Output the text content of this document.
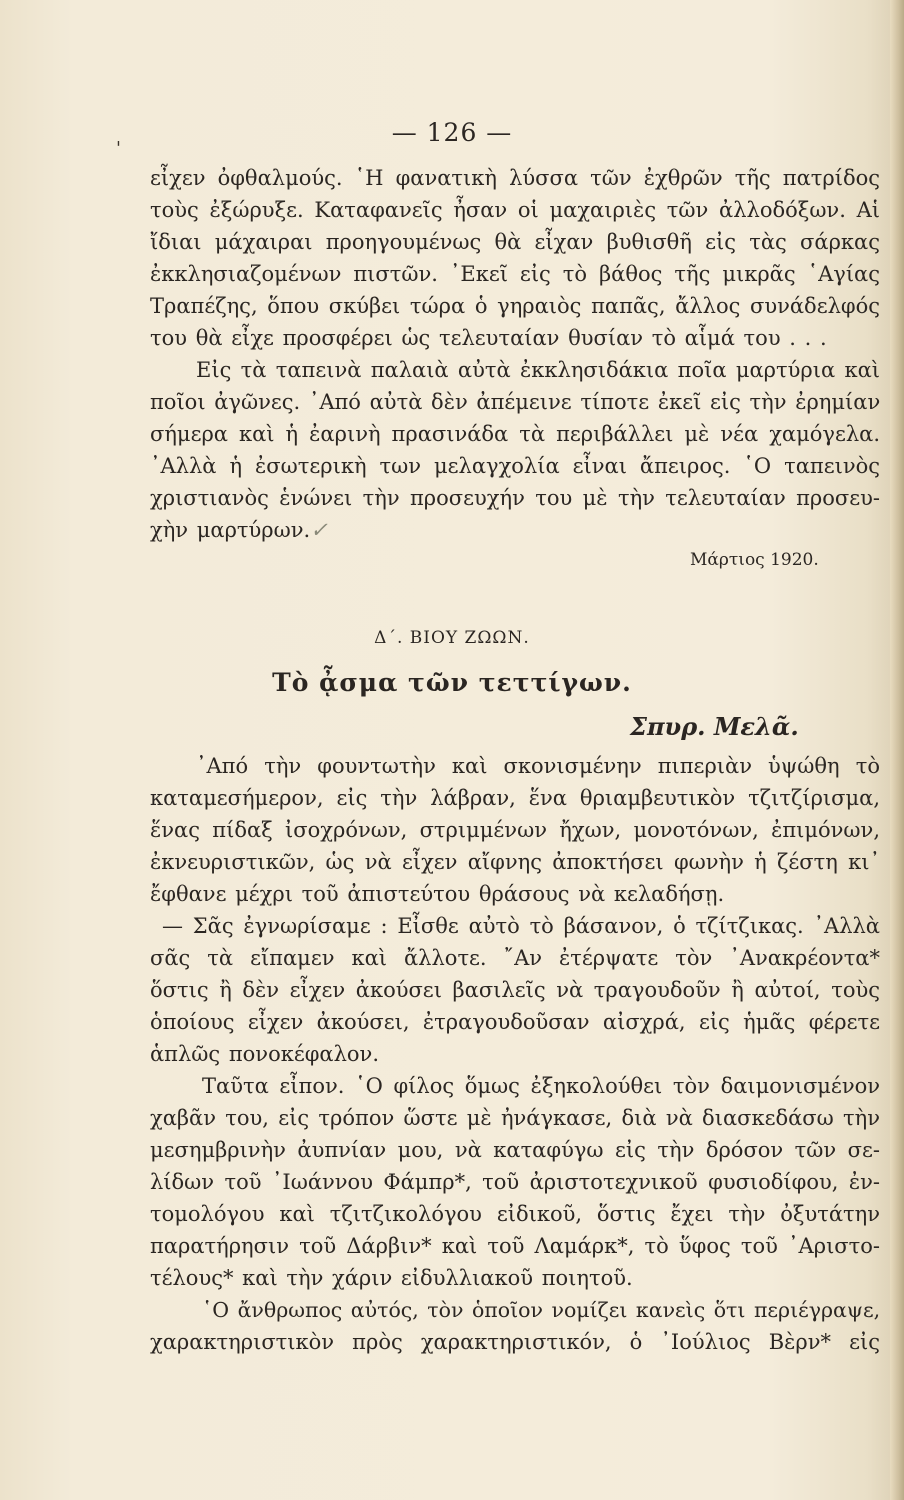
'
— 126 —
εἶχεν ὀφθαλμούς. ῾Η φανατικὴ λύσσα τῶν ἐχθρῶν τῆς πατρίδος
τοὺς ἐξώρυξε. Καταφανεῖς ἦσαν οἱ μαχαιριὲς τῶν ἀλλοδόξων. Αἱ
ἴδιαι μάχαιραι προηγουμένως θὰ εἶχαν βυθισθῆ εἰς τὰς σάρκας
ἐκκλησιαζομένων πιστῶν. ᾿Εκεῖ εἰς τὸ βάθος τῆς μικρᾶς ῾Αγίας
Τραπέζης, ὅπου σκύβει τώρα ὁ γηραιὸς παπᾶς, ἄλλος συνάδελφός
του θὰ εἶχε προσφέρει ὡς τελευταίαν θυσίαν τὸ αἷμά του . . .
Εἰς τὰ ταπεινὰ παλαιὰ αὐτὰ ἐκκλησιδάκια ποῖα μαρτύρια καὶ
ποῖοι ἀγῶνες. ᾿Από αὐτὰ δὲν ἀπέμεινε τίποτε ἐκεῖ εἰς τὴν ἐρημίαν
σήμερα καὶ ἡ ἐαρινὴ πρασινάδα τὰ περιβάλλει μὲ νέα χαμόγελα.
᾿Αλλὰ ἡ ἐσωτερικὴ των μελαγχολία εἶναι ἄπειρος. ῾Ο ταπεινὸς
χριστιανὸς ἑνώνει τὴν προσευχήν του μὲ τὴν τελευταίαν προσευ-
χὴν μαρτύρων.✓
Μάρτιος 1920.
Δ΄. ΒΙΟΥ ΖΩΩΝ.
Τὸ ᾆσμα τῶν τεττίγων.
Σπυρ. Μελᾶ.
᾿Από τὴν φουντωτὴν καὶ σκονισμένην πιπεριὰν ὑψώθη τὸ
καταμεσήμερον, εἰς τὴν λάβραν, ἕνα θριαμβευτικὸν τζιτζίρισμα,
ἕνας πίδαξ ἰσοχρόνων, στριμμένων ἤχων, μονοτόνων, ἐπιμόνων,
ἐκνευριστικῶν, ὡς νὰ εἶχεν αἴφνης ἀποκτήσει φωνὴν ἡ ζέστη κι᾿
ἔφθανε μέχρι τοῦ ἀπιστεύτου θράσους νὰ κελαδήσῃ.
— Σᾶς ἐγνωρίσαμε : Εἶσθε αὐτὸ τὸ βάσανον, ὁ τζίτζικας. ᾿Αλλὰ
σᾶς τὰ εἴπαμεν καὶ ἄλλοτε. ῎Αν ἐτέρψατε τὸν ᾿Ανακρέοντα*
ὅστις ἢ δὲν εἶχεν ἀκούσει βασιλεῖς νὰ τραγουδοῦν ἢ αὐτοί, τοὺς
ὁποίους εἶχεν ἀκούσει, ἐτραγουδοῦσαν αἰσχρά, εἰς ἡμᾶς φέρετε
ἁπλῶς πονοκέφαλον.
Ταῦτα εἶπον. ῾Ο φίλος ὅμως ἐξηκολούθει τὸν δαιμονισμένον
χαβᾶν του, εἰς τρόπον ὥστε μὲ ἠνάγκασε, διὰ νὰ διασκεδάσω τὴν
μεσημβρινὴν ἀυπνίαν μου, νὰ καταφύγω εἰς τὴν δρόσον τῶν σε-
λίδων τοῦ ᾿Ιωάννου Φάμπρ*, τοῦ ἀριστοτεχνικοῦ φυσιοδίφου, ἐν-
τομολόγου καὶ τζιτζικολόγου εἰδικοῦ, ὅστις ἔχει τὴν ὀξυτάτην
παρατήρησιν τοῦ Δάρβιν* καὶ τοῦ Λαμάρκ*, τὸ ὕφος τοῦ ᾿Αριστο-
τέλους* καὶ τὴν χάριν εἰδυλλιακοῦ ποιητοῦ.
῾Ο ἄνθρωπος αὐτός, τὸν ὁποῖον νομίζει κανεὶς ὅτι περιέγραψε,
χαρακτηριστικὸν πρὸς χαρακτηριστικόν, ὁ ᾿Ιούλιος Βὲρν* εἰς
